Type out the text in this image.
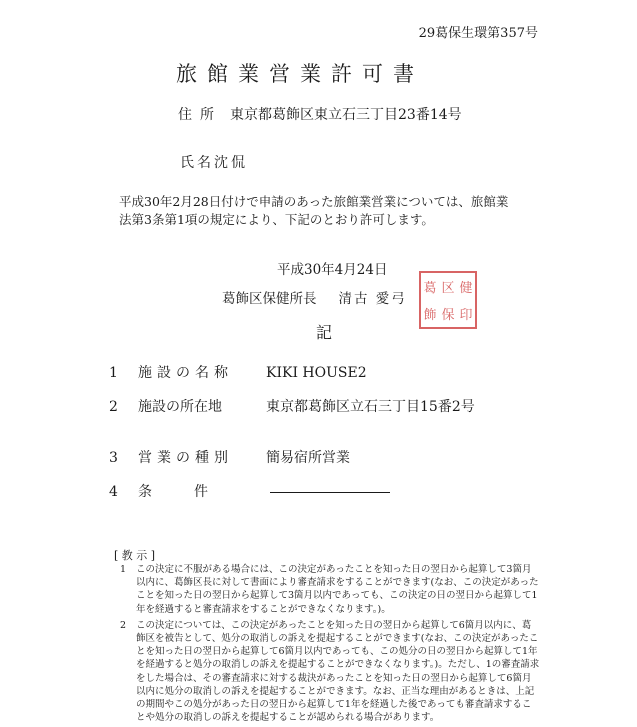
29葛保生環第357号
旅館業営業許可書
住所 東京都葛飾区東立石三丁目23番14号
氏名沈侃
平成30年2月28日付けで申請のあった旅館業営業については、旅館業
法第3条第1項の規定により、下記のとおり許可します。
平成30年4月24日
葛飾区保健所長 清古 愛弓
葛 区 健
飾 保 印
記
1 施設の名称 KIKI HOUSE2
2 施設の所在地	東京都葛飾区立石三丁目15番2号
3 営業の種別 簡易宿所営業
4 条　　　件
[ 教 示 ]
1 この決定に不服がある場合には、この決定があったことを知った日の翌日から起算して3箇月以内に、葛飾区長に対して書面により審査請求をすることができます(なお、この決定があったことを知った日の翌日から起算して3箇月以内であっても、この決定の日の翌日から起算して1年を経過すると審査請求をすることができなくなります。)。
2 この決定については、この決定があったことを知った日の翌日から起算して6箇月以内に、葛飾区を被告として、処分の取消しの訴えを提起することができます(なお、この決定があったことを知った日の翌日から起算して6箇月以内であっても、この処分の日の翌日から起算して1年を経過すると処分の取消しの訴えを提起することができなくなります。)。ただし、1の審査請求をした場合は、その審査請求に対する裁決があったことを知った日の翌日から起算して6箇月以内に処分の取消しの訴えを提起することができます。なお、正当な理由があるときは、上記の期間やこの処分があった日の翌日から起算して1年を経過した後であっても審査請求することや処分の取消しの訴えを提起することが認められる場合があります。
